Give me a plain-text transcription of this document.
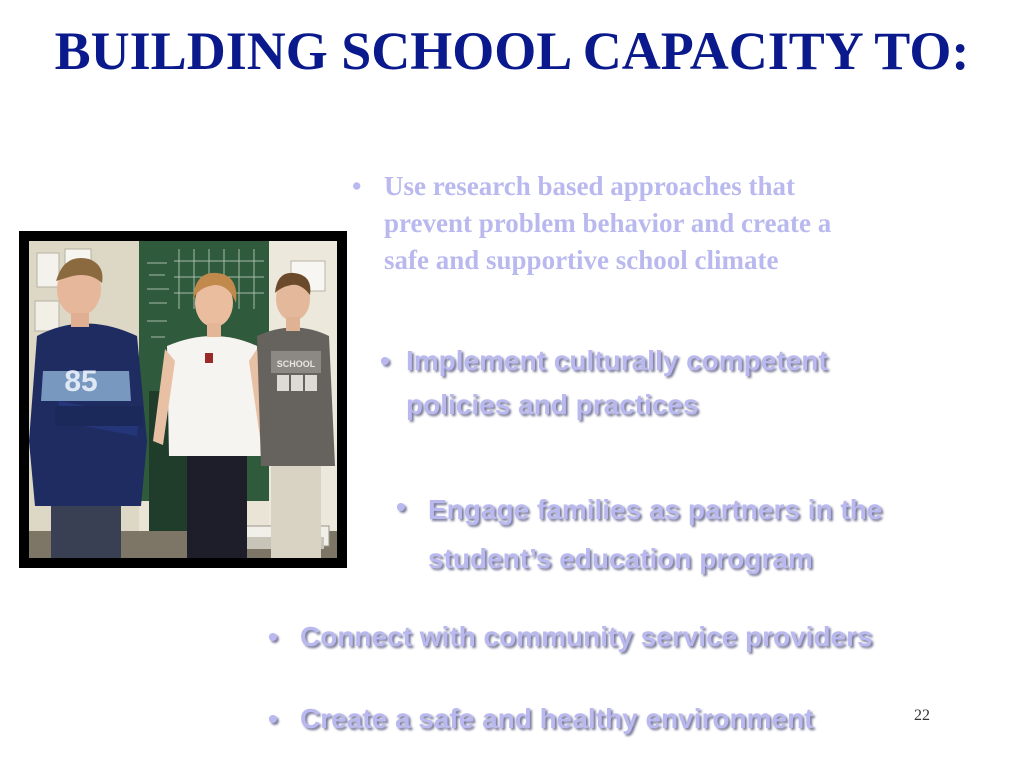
BUILDING SCHOOL CAPACITY TO:
• Use research based approaches that
prevent problem behavior and create a
safe and supportive school climate
• Implement culturally competent
policies and practices
• Engage families as partners in the
student’s education program
• Connect with community service providers
• Create a safe and healthy environment	22
85
SCHOOL
